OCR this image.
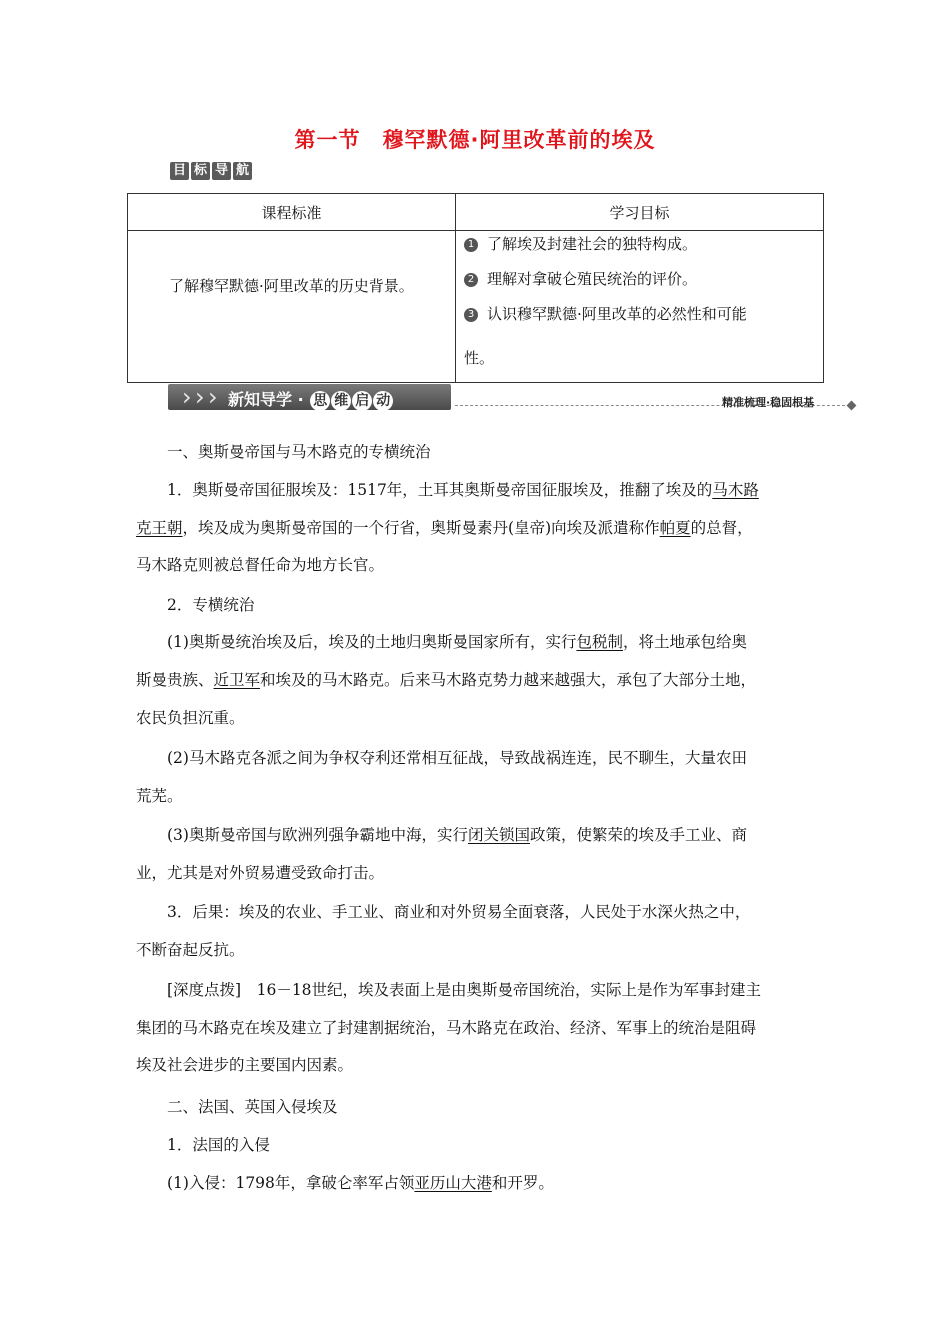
第一节 穆罕默德·阿里改革前的埃及
目 标 导 航
课程标准	学习目标

了解穆罕默德·阿里改革的历史背景。	1 了解埃及封建社会的独特构成。
2 理解对拿破仑殖民统治的评价。
3 认识穆罕默德·阿里改革的必然性和可能
性。
› › › 新知导学 · 思 维 启 动	精准梳理·稳固根基
一、奥斯曼帝国与马木路克的专横统治
1．奥斯曼帝国征服埃及：1517年，土耳其奥斯曼帝国征服埃及，推翻了埃及的马木路
克王朝，埃及成为奥斯曼帝国的一个行省，奥斯曼素丹(皇帝)向埃及派遣称作帕夏的总督，
马木路克则被总督任命为地方长官。
2．专横统治
(1)奥斯曼统治埃及后，埃及的土地归奥斯曼国家所有，实行包税制，将土地承包给奥
斯曼贵族、近卫军和埃及的马木路克。后来马木路克势力越来越强大，承包了大部分土地，
农民负担沉重。
(2)马木路克各派之间为争权夺利还常相互征战，导致战祸连连，民不聊生，大量农田
荒芜。
(3)奥斯曼帝国与欧洲列强争霸地中海，实行闭关锁国政策，使繁荣的埃及手工业、商
业，尤其是对外贸易遭受致命打击。
3．后果：埃及的农业、手工业、商业和对外贸易全面衰落，人民处于水深火热之中，
不断奋起反抗。
[深度点拨]　16－18世纪，埃及表面上是由奥斯曼帝国统治，实际上是作为军事封建主
集团的马木路克在埃及建立了封建割据统治，马木路克在政治、经济、军事上的统治是阻碍
埃及社会进步的主要国内因素。
二、法国、英国入侵埃及
1．法国的入侵
(1)入侵：1798年，拿破仑率军占领亚历山大港和开罗。
